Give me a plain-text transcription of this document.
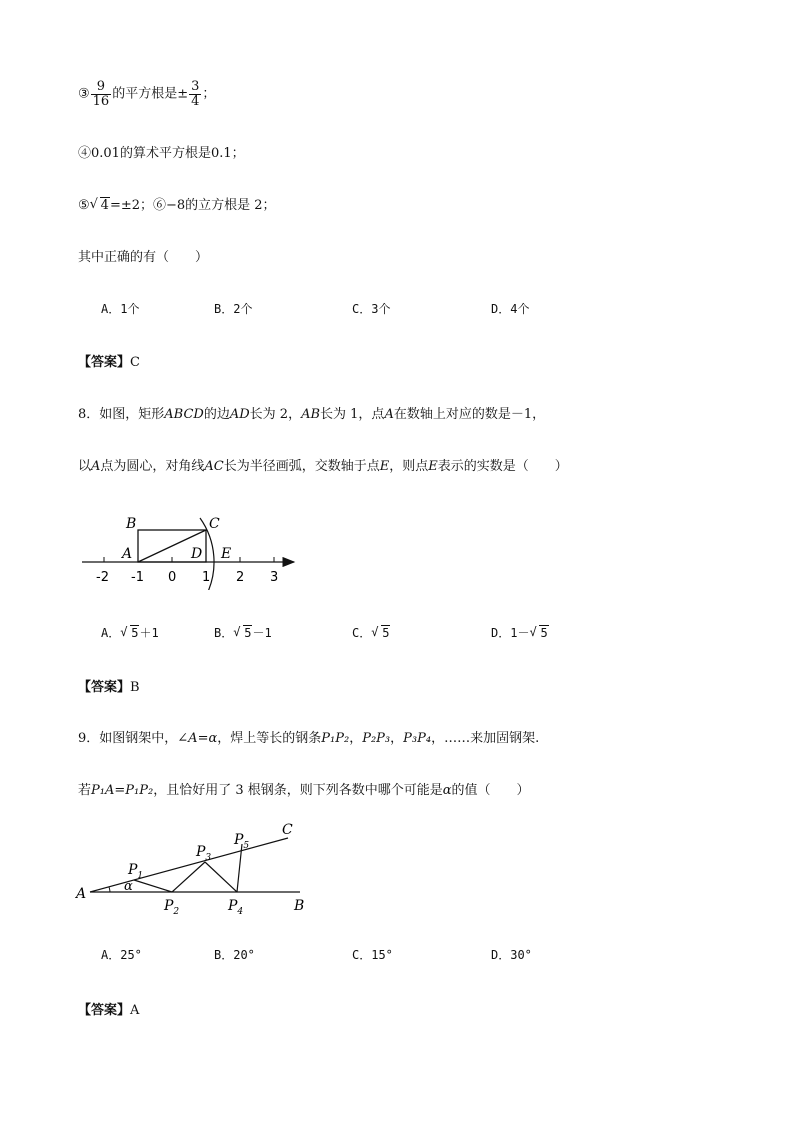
③ $\frac{9}{16}$ 的平方根是± $\frac{3}{4}$ ；
④0.01的算术平方根是0.1；
⑤ √ 4=±2；⑥−8的立方根是 2；
其中正确的有（　　）
A．1个	B．2个	C．3个	D．4个
【答案】C
8．如图，矩形ABCD的边AD长为 2，AB长为 1，点A在数轴上对应的数是－1，
以A点为圆心，对角线AC长为半径画弧，交数轴于点E，则点E表示的实数是（　　）
B	C
A	D E
-2 -1 0 1 2 3
A． √ 5＋1	B． √ 5－1	C． √ 5	D．1－ √ 5
【答案】B
9．如图钢架中，∠A=α，焊上等长的钢条P₁P₂，P₂P₃，P₃P₄，……来加固钢架.
若P₁A=P₁P₂，且恰好用了 3 根钢条，则下列各数中哪个可能是α的值（　　）
A
B
C
α
$P_1$
$P_2$
$P_3$
$P_4$
$P_5$
A．25°	B．20°	C．15°	D．30°
【答案】A
